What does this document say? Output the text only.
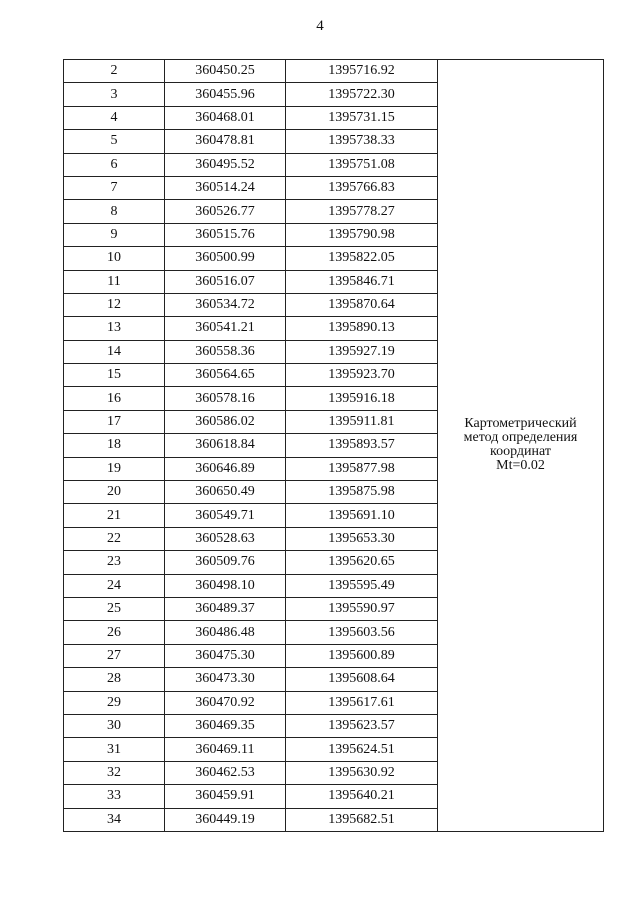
4
2	360450.25	1395716.92	Картометрический
метод определения
координат
Mt=0.02

3	360455.96	1395722.30	
4	360468.01	1395731.15	
5	360478.81	1395738.33	
6	360495.52	1395751.08	
7	360514.24	1395766.83	
8	360526.77	1395778.27	
9	360515.76	1395790.98	
10	360500.99	1395822.05	
11	360516.07	1395846.71	
12	360534.72	1395870.64	
13	360541.21	1395890.13	
14	360558.36	1395927.19	
15	360564.65	1395923.70	
16	360578.16	1395916.18	
17	360586.02	1395911.81	
18	360618.84	1395893.57	
19	360646.89	1395877.98	
20	360650.49	1395875.98	
21	360549.71	1395691.10	
22	360528.63	1395653.30	
23	360509.76	1395620.65	
24	360498.10	1395595.49	
25	360489.37	1395590.97	
26	360486.48	1395603.56	
27	360475.30	1395600.89	
28	360473.30	1395608.64	
29	360470.92	1395617.61	
30	360469.35	1395623.57	
31	360469.11	1395624.51	
32	360462.53	1395630.92	
33	360459.91	1395640.21	
34	360449.19	1395682.51	
